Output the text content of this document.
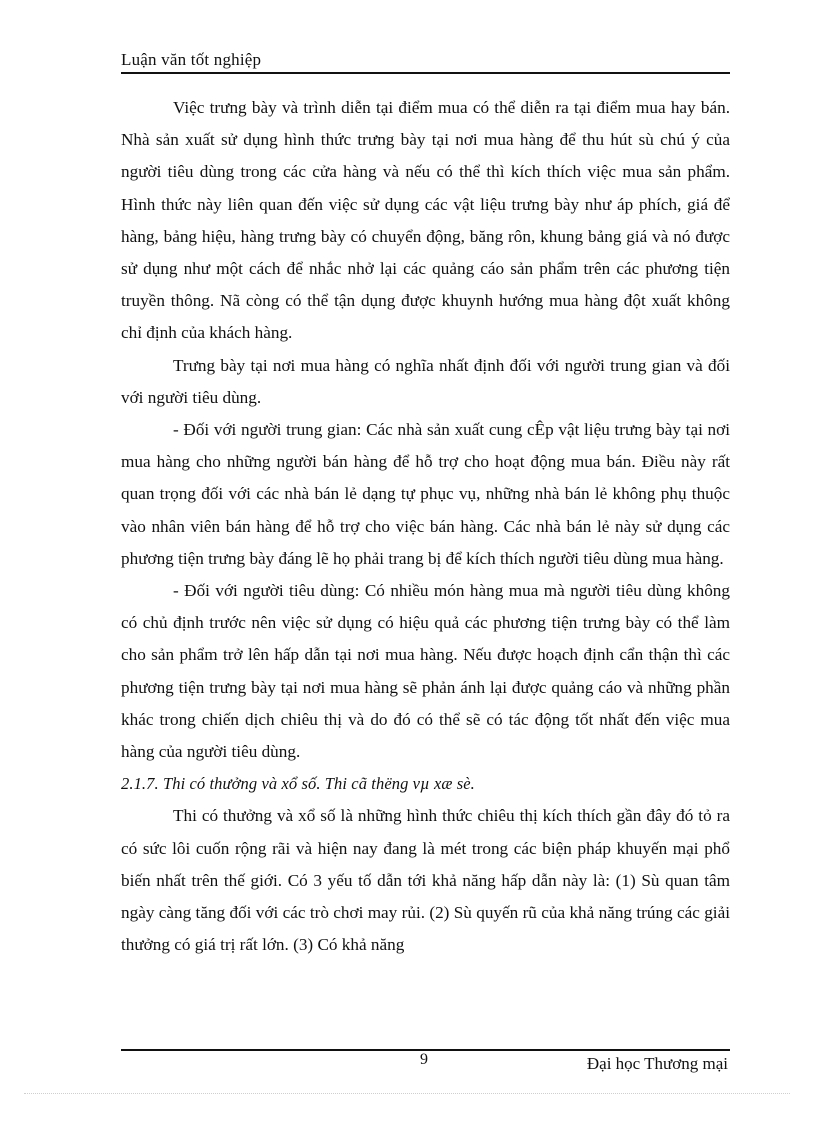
Luận văn tốt nghiệp

Việc trưng bày và trình diễn tại điểm mua có thể diễn ra tại điểm mua hay bán. Nhà sản xuất sử dụng hình thức trưng bày tại nơi mua hàng để thu hút sù chú ý của người tiêu dùng trong các cửa hàng và nếu có thể thì kích thích việc mua sản phẩm. Hình thức này liên quan đến việc sử dụng các vật liệu trưng bày như áp phích, giá để hàng, bảng hiệu, hàng trưng bày có chuyển động, băng rôn, khung bảng giá và nó được sử dụng như một cách để nhắc nhở lại các quảng cáo sản phẩm trên các phương tiện truyền thông. Nã còng có thể tận dụng được khuynh hướng mua hàng đột xuất không chỉ định của khách hàng.

Trưng bày tại nơi mua hàng có nghĩa nhất định đối với người trung gian và đối với người tiêu dùng.

- Đối với người trung gian: Các nhà sản xuất cung cÊp vật liệu trưng bày tại nơi mua hàng cho những người bán hàng để hỗ trợ cho hoạt động mua bán. Điều này rất quan trọng đối với các nhà bán lẻ dạng tự phục vụ, những nhà bán lẻ không phụ thuộc vào nhân viên bán hàng để hỗ trợ cho việc bán hàng. Các nhà bán lẻ này sử dụng các phương tiện trưng bày đáng lẽ họ phải trang bị để kích thích người tiêu dùng mua hàng.

- Đối với người tiêu dùng: Có nhiều món hàng mua mà người tiêu dùng không có chủ định trước nên việc sử dụng có hiệu quả các phương tiện trưng bày có thể làm cho sản phẩm trở lên hấp dẫn tại nơi mua hàng. Nếu được hoạch định cẩn thận thì các phương tiện trưng bày tại nơi mua hàng sẽ phản ánh lại được quảng cáo và những phần khác trong chiến dịch chiêu thị và do đó có thể sẽ có tác động tốt nhất đến việc mua hàng của người tiêu dùng.

2.1.7. Thi có thưởng và xổ số. Thi cã thëng vµ xæ sè.

Thi có thưởng và xổ số là những hình thức chiêu thị kích thích gần đây đó tỏ ra có sức lôi cuốn rộng rãi và hiện nay đang là mét trong các biện pháp khuyến mại phổ biến nhất trên thế giới. Có 3 yếu tố dẫn tới khả năng hấp dẫn này là: (1) Sù quan tâm ngày càng tăng đối với các trò chơi may rủi. (2) Sù quyến rũ của khả năng trúng các giải thưởng có giá trị rất lớn. (3) Có khả năng

9	Đại học Thương mại
